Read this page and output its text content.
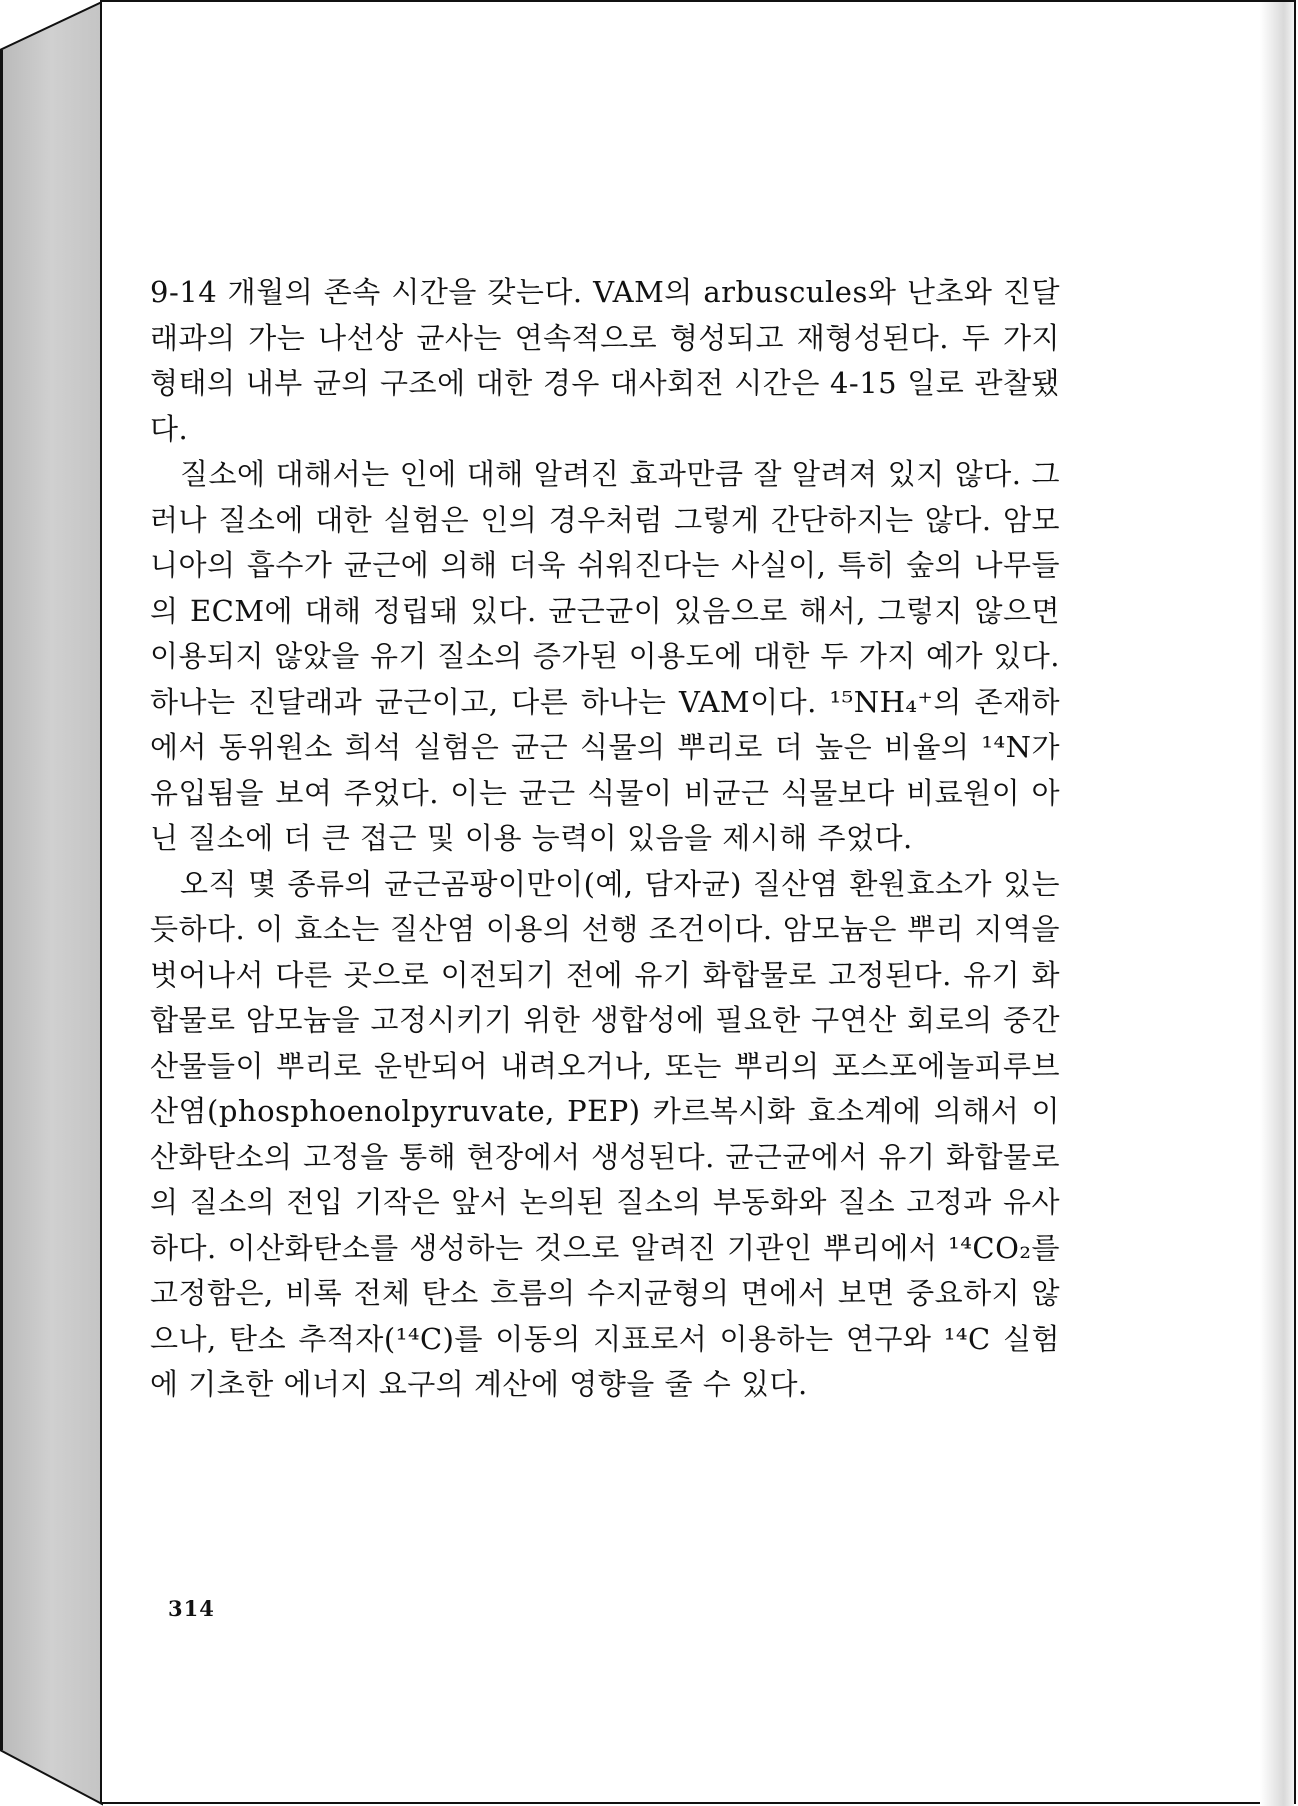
9-14 개월의 존속 시간을 갖는다. VAM의 arbuscules와 난초와 진달래과의 가는 나선상 균사는 연속적으로 형성되고 재형성된다. 두 가지 형태의 내부 균의 구조에 대한 경우 대사회전 시간은 4-15 일로 관찰됐다.

질소에 대해서는 인에 대해 알려진 효과만큼 잘 알려져 있지 않다. 그러나 질소에 대한 실험은 인의 경우처럼 그렇게 간단하지는 않다. 암모니아의 흡수가 균근에 의해 더욱 쉬워진다는 사실이, 특히 숲의 나무들의 ECM에 대해 정립돼 있다. 균근균이 있음으로 해서, 그렇지 않으면 이용되지 않았을 유기 질소의 증가된 이용도에 대한 두 가지 예가 있다. 하나는 진달래과 균근이고, 다른 하나는 VAM이다. ¹⁵NH₄⁺의 존재하에서 동위원소 희석 실험은 균근 식물의 뿌리로 더 높은 비율의 ¹⁴N가 유입됨을 보여 주었다. 이는 균근 식물이 비균근 식물보다 비료원이 아닌 질소에 더 큰 접근 및 이용 능력이 있음을 제시해 주었다.

오직 몇 종류의 균근곰팡이만이(예, 담자균) 질산염 환원효소가 있는 듯하다. 이 효소는 질산염 이용의 선행 조건이다. 암모늄은 뿌리 지역을 벗어나서 다른 곳으로 이전되기 전에 유기 화합물로 고정된다. 유기 화합물로 암모늄을 고정시키기 위한 생합성에 필요한 구연산 회로의 중간 산물들이 뿌리로 운반되어 내려오거나, 또는 뿌리의 포스포에놀피루브산염(phosphoenolpyruvate, PEP) 카르복시화 효소계에 의해서 이산화탄소의 고정을 통해 현장에서 생성된다. 균근균에서 유기 화합물로의 질소의 전입 기작은 앞서 논의된 질소의 부동화와 질소 고정과 유사하다. 이산화탄소를 생성하는 것으로 알려진 기관인 뿌리에서 ¹⁴CO₂를 고정함은, 비록 전체 탄소 흐름의 수지균형의 면에서 보면 중요하지 않으나, 탄소 추적자(¹⁴C)를 이동의 지표로서 이용하는 연구와 ¹⁴C 실험에 기초한 에너지 요구의 계산에 영향을 줄 수 있다.

314
